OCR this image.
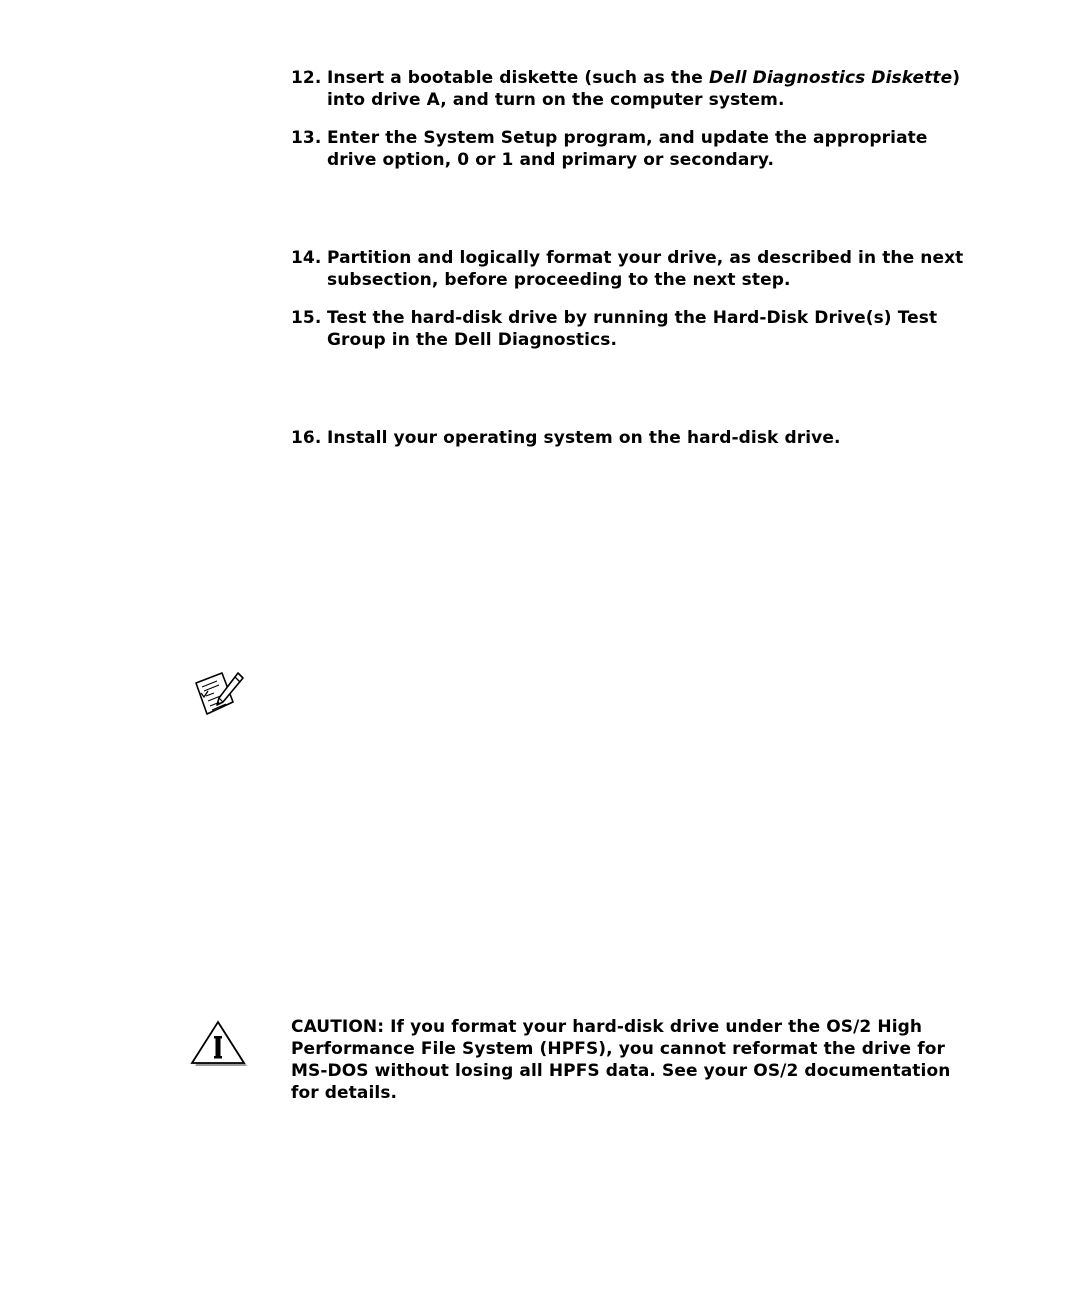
12. Insert a bootable diskette (such as the Dell Diagnostics Diskette) into drive A, and turn on the computer system.
13. Enter the System Setup program, and update the appropriate drive option, 0 or 1 and primary or secondary.
14. Partition and logically format your drive, as described in the next subsection, before proceeding to the next step.
15. Test the hard-disk drive by running the Hard-Disk Drive(s) Test Group in the Dell Diagnostics.
16. Install your operating system on the hard-disk drive.
CAUTION: If you format your hard-disk drive under the OS/2 High Performance File System (HPFS), you cannot reformat the drive for MS-DOS without losing all HPFS data. See your OS/2 documentation for details.
